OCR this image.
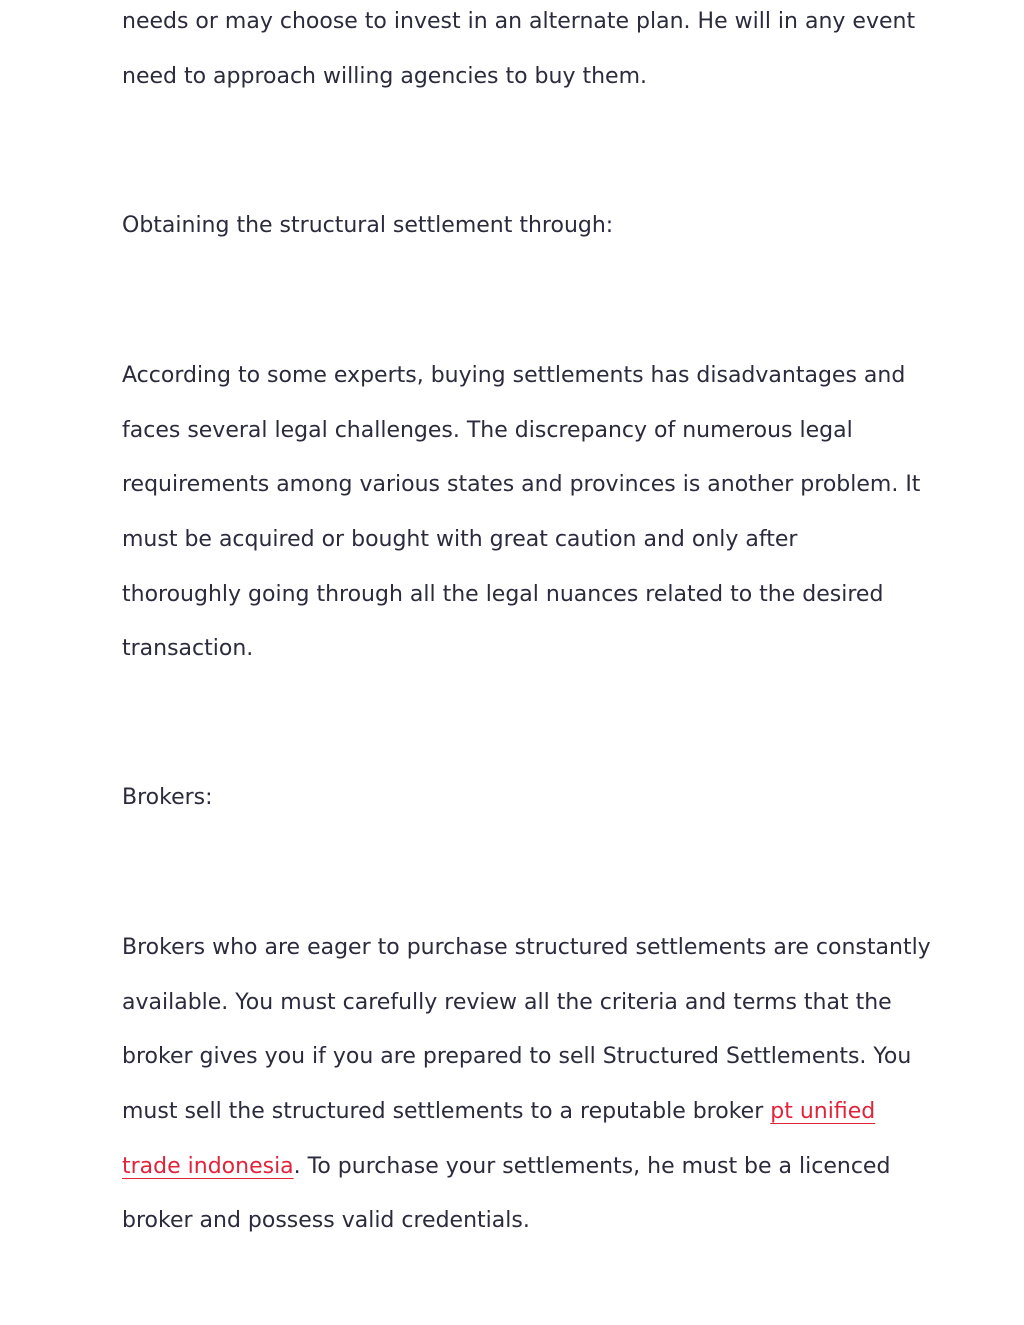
needs or may choose to invest in an alternate plan. He will in any event
need to approach willing agencies to buy them.
Obtaining the structural settlement through:
According to some experts, buying settlements has disadvantages and
faces several legal challenges. The discrepancy of numerous legal
requirements among various states and provinces is another problem. It
must be acquired or bought with great caution and only after
thoroughly going through all the legal nuances related to the desired
transaction.
Brokers:
Brokers who are eager to purchase structured settlements are constantly
available. You must carefully review all the criteria and terms that the
broker gives you if you are prepared to sell Structured Settlements. You
must sell the structured settlements to a reputable broker pt unified
trade indonesia. To purchase your settlements, he must be a licenced
broker and possess valid credentials.
